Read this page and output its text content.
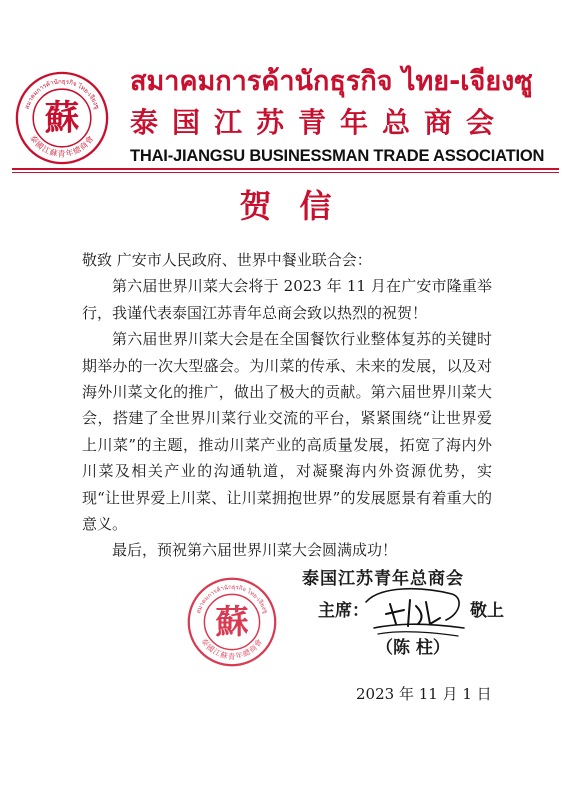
สมาคมการค้านักธุรกิจ ไทย-เจียงซู
泰國江蘇青年總商會
蘇
สมาคมการค้านักธุรกิจ ไทย-เจียงซู
泰国江苏青年总商会
THAI-JIANGSU BUSINESSMAN TRADE ASSOCIATION
贺信

敬致 广安市人民政府、世界中餐业联合会：

第六届世界川菜大会将于 2023 年 11 月在广安市隆重举行，我谨代表泰国江苏青年总商会致以热烈的祝贺！

第六届世界川菜大会是在全国餐饮行业整体复苏的关键时期举办的一次大型盛会。为川菜的传承、未来的发展，以及对海外川菜文化的推广，做出了极大的贡献。第六届世界川菜大会，搭建了全世界川菜行业交流的平台，紧紧围绕“让世界爱上川菜”的主题，推动川菜产业的高质量发展，拓宽了海内外川菜及相关产业的沟通轨道，对凝聚海内外资源优势，实现“让世界爱上川菜、让川菜拥抱世界”的发展愿景有着重大的意义。

最后，预祝第六届世界川菜大会圆满成功！

สมาคมการค้านักธุรกิจ ไทย-เจียงซู
泰國江蘇青年總商會
蘇
泰国江苏青年总商会
主席：	敬上
（陈 柱）
2023 年 11 月 1 日
